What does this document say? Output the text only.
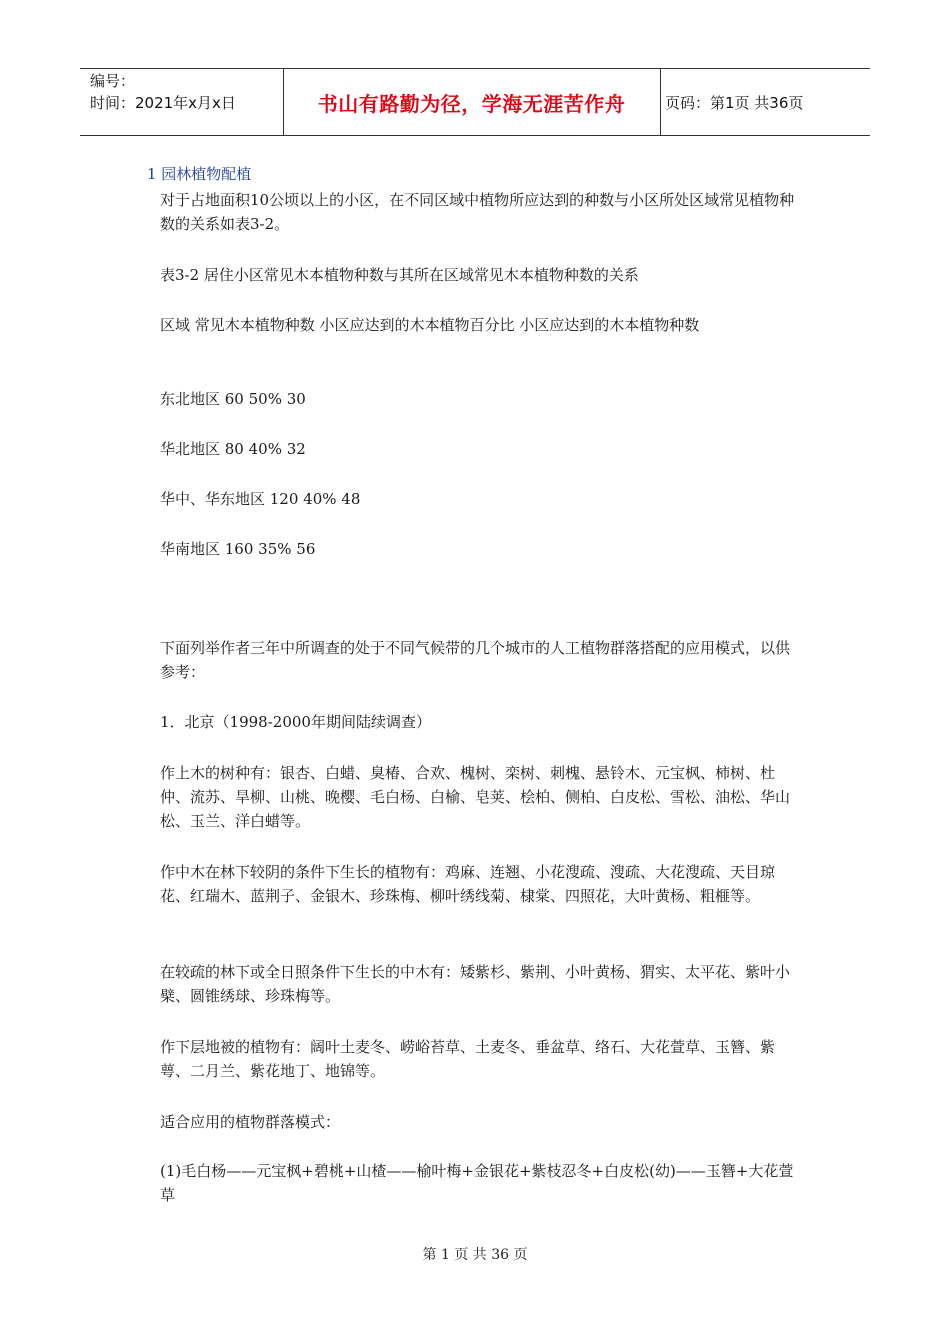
编号：
时间：2021年x月x日	书山有路勤为径，学海无涯苦作舟	页码：第1页 共36页
1 园林植物配植

对于占地面积10公顷以上的小区，在不同区域中植物所应达到的种数与小区所处区域常见植物种数的关系如表3-2。

表3-2 居住小区常见木本植物种数与其所在区域常见木本植物种数的关系

区域 常见木本植物种数 小区应达到的木本植物百分比 小区应达到的木本植物种数

东北地区 60 50% 30

华北地区 80 40% 32

华中、华东地区 120 40% 48

华南地区 160 35% 56

下面列举作者三年中所调查的处于不同气候带的几个城市的人工植物群落搭配的应用模式，以供参考：

1．北京（1998-2000年期间陆续调查）

作上木的树种有：银杏、白蜡、臭椿、合欢、槐树、栾树、刺槐、悬铃木、元宝枫、柿树、杜仲、流苏、旱柳、山桃、晚樱、毛白杨、白榆、皂荚、桧柏、侧柏、白皮松、雪松、油松、华山松、玉兰、洋白蜡等。

作中木在林下较阴的条件下生长的植物有：鸡麻、连翘、小花溲疏、溲疏、大花溲疏、天目琼花、红瑞木、蓝荆子、金银木、珍珠梅、柳叶绣线菊、棣棠、四照花，大叶黄杨、粗榧等。

在较疏的林下或全日照条件下生长的中木有：矮紫杉、紫荆、小叶黄杨、猬实、太平花、紫叶小檗、圆锥绣球、珍珠梅等。

作下层地被的植物有：阔叶土麦冬、崂峪苔草、土麦冬、垂盆草、络石、大花萱草、玉簪、紫萼、二月兰、紫花地丁、地锦等。

适合应用的植物群落模式：

(1)毛白杨——元宝枫+碧桃+山楂——榆叶梅+金银花+紫枝忍冬+白皮松(幼)——玉簪+大花萱草

第 1 页 共 36 页
